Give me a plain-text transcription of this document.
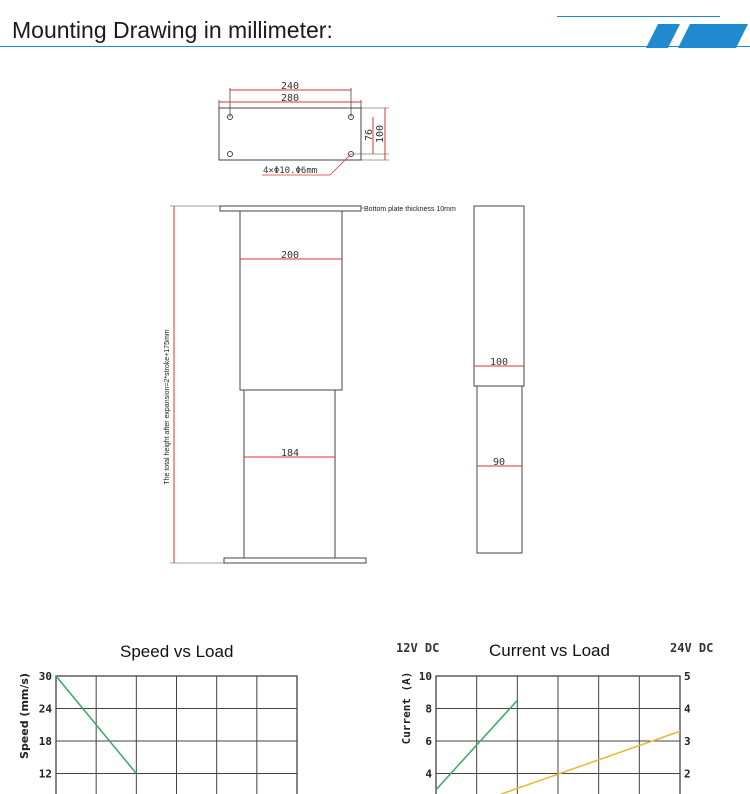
Mounting Drawing in millimeter:
240
280
76 100
4×Φ10.Φ6mm
200
184
The total height after expansion=2*stroke+175mm
Bottom plate thickness 10mm
100
90
Speed vs Load	Current vs Load
12V DC	24V DC
30
24
18
12
Speed (mm/s)	10
8
6
4
5
4
3
2
Current (A)
